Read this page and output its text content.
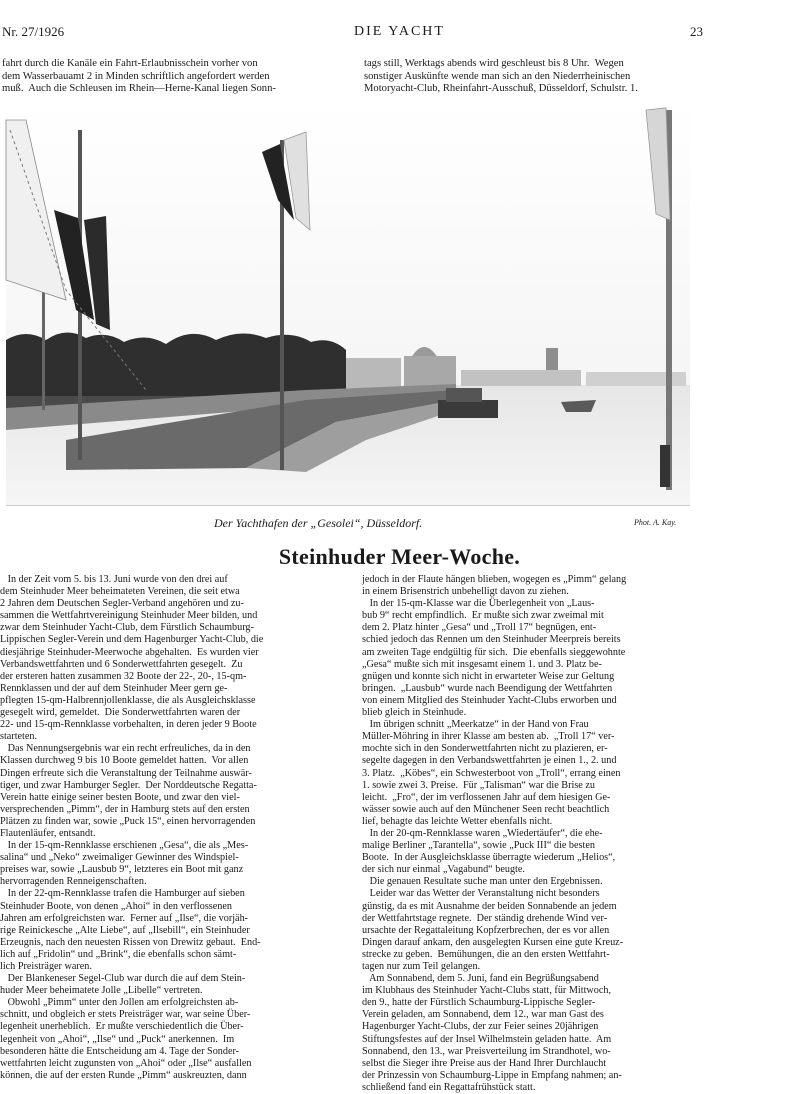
Nr. 27/1926	DIE YACHT	23
fahrt durch die Kanäle ein Fahrt-Erlaubnisschein vorher von
dem Wasserbauamt 2 in Minden schriftlich angefordert werden
muß.  Auch die Schleusen im Rhein—Herne-Kanal liegen Sonn-
tags still, Werktags abends wird geschleust bis 8 Uhr.  Wegen
sonstiger Auskünfte wende man sich an den Niederrheinischen
Motoryacht-Club, Rheinfahrt-Ausschuß, Düsseldorf, Schulstr. 1.
Der Yachthafen der „Gesolei“, Düsseldorf.	Phot. A. Kay.
Steinhuder Meer-Woche.
In der Zeit vom 5. bis 13. Juni wurde von den drei auf
dem Steinhuder Meer beheimateten Vereinen, die seit etwa
2 Jahren dem Deutschen Segler-Verband angehören und zu-
sammen die Wettfahrtvereinigung Steinhuder Meer bilden, und
zwar dem Steinhuder Yacht-Club, dem Fürstlich Schaumburg-
Lippischen Segler-Verein und dem Hagenburger Yacht-Club, die
diesjährige Steinhuder-Meerwoche abgehalten.  Es wurden vier
Verbandswettfahrten und 6 Sonderwettfahrten gesegelt.  Zu
der ersteren hatten zusammen 32 Boote der 22-, 20-, 15-qm-
Rennklassen und der auf dem Steinhuder Meer gern ge-
pflegten 15-qm-Halbrennjollenklasse, die als Ausgleichsklasse
gesegelt wird, gemeldet.  Die Sonderwettfahrten waren der
22- und 15-qm-Rennklasse vorbehalten, in deren jeder 9 Boote
starteten.
Das Nennungsergebnis war ein recht erfreuliches, da in den
Klassen durchweg 9 bis 10 Boote gemeldet hatten.  Vor allen
Dingen erfreute sich die Veranstaltung der Teilnahme auswär-
tiger, und zwar Hamburger Segler.  Der Norddeutsche Regatta-
Verein hatte einige seiner besten Boote, und zwar den viel-
versprechenden „Pimm“, der in Hamburg stets auf den ersten
Plätzen zu finden war, sowie „Puck 15“, einen hervorragenden
Flautenläufer, entsandt.
In der 15-qm-Rennklasse erschienen „Gesa“, die als „Mes-
salina“ und „Neko“ zweimaliger Gewinner des Windspiel-
preises war, sowie „Lausbub 9“, letzteres ein Boot mit ganz
hervorragenden Renneigenschaften.
In der 22-qm-Rennklasse trafen die Hamburger auf sieben
Steinhuder Boote, von denen „Ahoi“ in den verflossenen
Jahren am erfolgreichsten war.  Ferner auf „Ilse“, die vorjäh-
rige Reinickesche „Alte Liebe“, auf „Ilsebill“, ein Steinhuder
Erzeugnis, nach den neuesten Rissen von Drewitz gebaut.  End-
lich auf „Fridolin“ und „Brink“, die ebenfalls schon sämt-
lich Preisträger waren.
Der Blankeneser Segel-Club war durch die auf dem Stein-
huder Meer beheimatete Jolle „Libelle“ vertreten.
Obwohl „Pimm“ unter den Jollen am erfolgreichsten ab-
schnitt, und obgleich er stets Preisträger war, war seine Über-
legenheit unerheblich.  Er mußte verschiedentlich die Über-
legenheit von „Ahoi“, „Ilse“ und „Puck“ anerkennen.  Im
besonderen hätte die Entscheidung am 4. Tage der Sonder-
wettfahrten leicht zugunsten von „Ahoi“ oder „Ilse“ ausfallen
können, die auf der ersten Runde „Pimm“ auskreuzten, dann
jedoch in der Flaute hängen blieben, wogegen es „Pimm“ gelang
in einem Brisenstrich unbehelligt davon zu ziehen.
In der 15-qm-Klasse war die Überlegenheit von „Laus-
bub 9“ recht empfindlich.  Er mußte sich zwar zweimal mit
dem 2. Platz hinter „Gesa“ und „Troll 17“ begnügen, ent-
schied jedoch das Rennen um den Steinhuder Meerpreis bereits
am zweiten Tage endgültig für sich.  Die ebenfalls sieggewohnte
„Gesa“ mußte sich mit insgesamt einem 1. und 3. Platz be-
gnügen und konnte sich nicht in erwarteter Weise zur Geltung
bringen.  „Lausbub“ wurde nach Beendigung der Wettfahrten
von einem Mitglied des Steinhuder Yacht-Clubs erworben und
blieb gleich in Steinhude.
Im übrigen schnitt „Meerkatze“ in der Hand von Frau
Müller-Möhring in ihrer Klasse am besten ab.  „Troll 17“ ver-
mochte sich in den Sonderwettfahrten nicht zu plazieren, er-
segelte dagegen in den Verbandswettfahrten je einen 1., 2. und
3. Platz.  „Köbes“, ein Schwesterboot von „Troll“, errang einen
1. sowie zwei 3. Preise.  Für „Talisman“ war die Brise zu
leicht.  „Fro“, der im verflossenen Jahr auf dem hiesigen Ge-
wässer sowie auch auf den Münchener Seen recht beachtlich
lief, behagte das leichte Wetter ebenfalls nicht.
In der 20-qm-Rennklasse waren „Wiedertäufer“, die ehe-
malige Berliner „Tarantella“, sowie „Puck III“ die besten
Boote.  In der Ausgleichsklasse überragte wiederum „Helios“,
der sich nur einmal „Vagabund“ beugte.
Die genauen Resultate suche man unter den Ergebnissen.
Leider war das Wetter der Veranstaltung nicht besonders
günstig, da es mit Ausnahme der beiden Sonnabende an jedem
der Wettfahrtstage regnete.  Der ständig drehende Wind ver-
ursachte der Regattaleitung Kopfzerbrechen, der es vor allen
Dingen darauf ankam, den ausgelegten Kursen eine gute Kreuz-
strecke zu geben.  Bemühungen, die an den ersten Wettfahrt-
tagen nur zum Teil gelangen.
Am Sonnabend, dem 5. Juni, fand ein Begrüßungsabend
im Klubhaus des Steinhuder Yacht-Clubs statt, für Mittwoch,
den 9., hatte der Fürstlich Schaumburg-Lippische Segler-
Verein geladen, am Sonnabend, dem 12., war man Gast des
Hagenburger Yacht-Clubs, der zur Feier seines 20jährigen
Stiftungsfestes auf der Insel Wilhelmstein geladen hatte.  Am
Sonnabend, den 13., war Preisverteilung im Strandhotel, wo-
selbst die Sieger ihre Preise aus der Hand Ihrer Durchlaucht
der Prinzessin von Schaumburg-Lippe in Empfang nahmen; an-
schließend fand ein Regattafrühstück statt.
